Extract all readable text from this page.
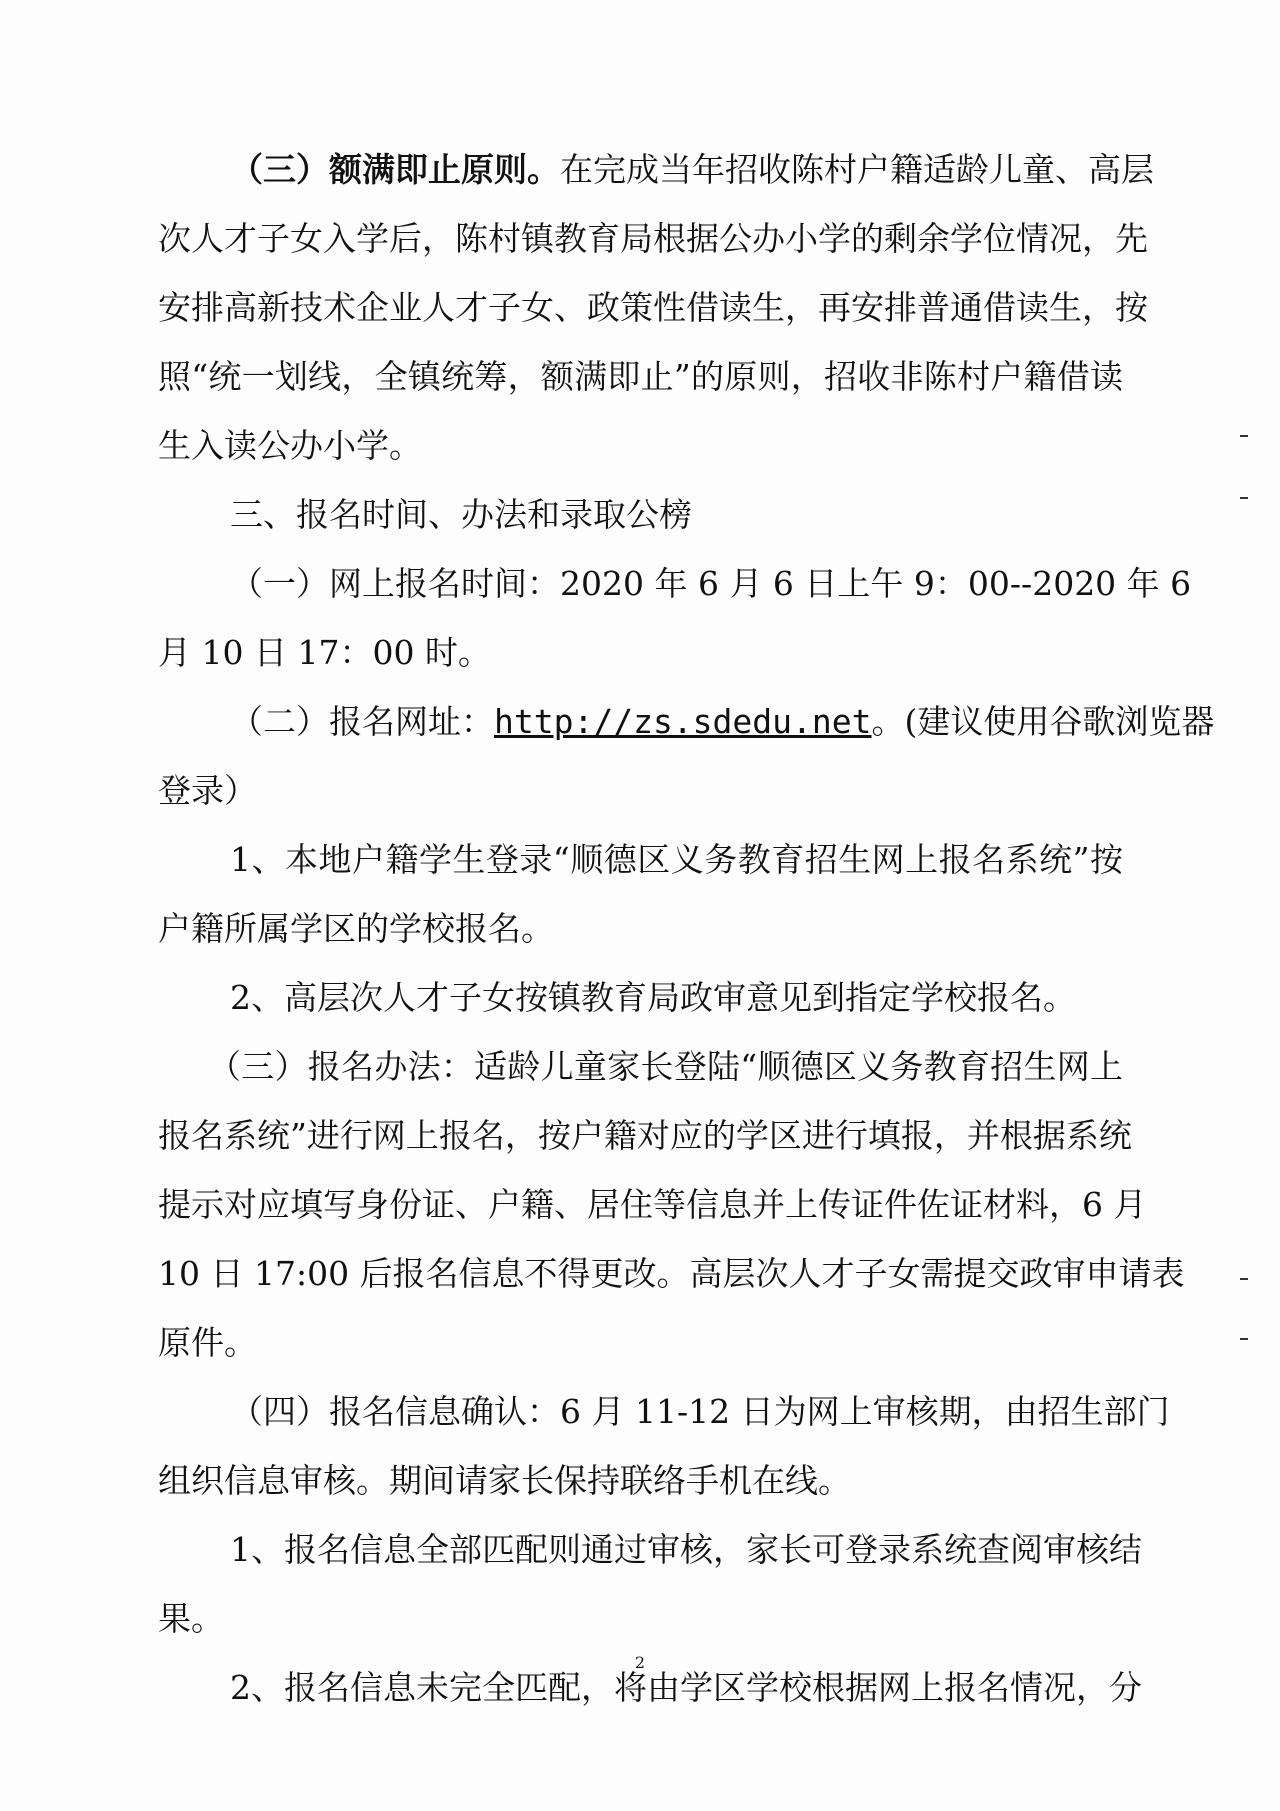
（三）额满即止原则。在完成当年招收陈村户籍适龄儿童、高层
次人才子女入学后，陈村镇教育局根据公办小学的剩余学位情况，先
安排高新技术企业人才子女、政策性借读生，再安排普通借读生，按
照“统一划线，全镇统筹，额满即止”的原则，招收非陈村户籍借读
生入读公办小学。
三、报名时间、办法和录取公榜
（一）网上报名时间：2020 年 6 月 6 日上午 9：00--2020 年 6
月 10 日 17：00 时。
（二）报名网址：http://zs.sdedu.net。(建议使用谷歌浏览器
登录）
1、本地户籍学生登录“顺德区义务教育招生网上报名系统”按
户籍所属学区的学校报名。
2、高层次人才子女按镇教育局政审意见到指定学校报名。
（三）报名办法：适龄儿童家长登陆“顺德区义务教育招生网上
报名系统”进行网上报名，按户籍对应的学区进行填报，并根据系统
提示对应填写身份证、户籍、居住等信息并上传证件佐证材料，6 月
10 日 17:00 后报名信息不得更改。高层次人才子女需提交政审申请表
原件。
（四）报名信息确认：6 月 11-12 日为网上审核期，由招生部门
组织信息审核。期间请家长保持联络手机在线。
1、报名信息全部匹配则通过审核，家长可登录系统查阅审核结
果。
2、报名信息未完全匹配，将由学区学校根据网上报名情况，分
2
